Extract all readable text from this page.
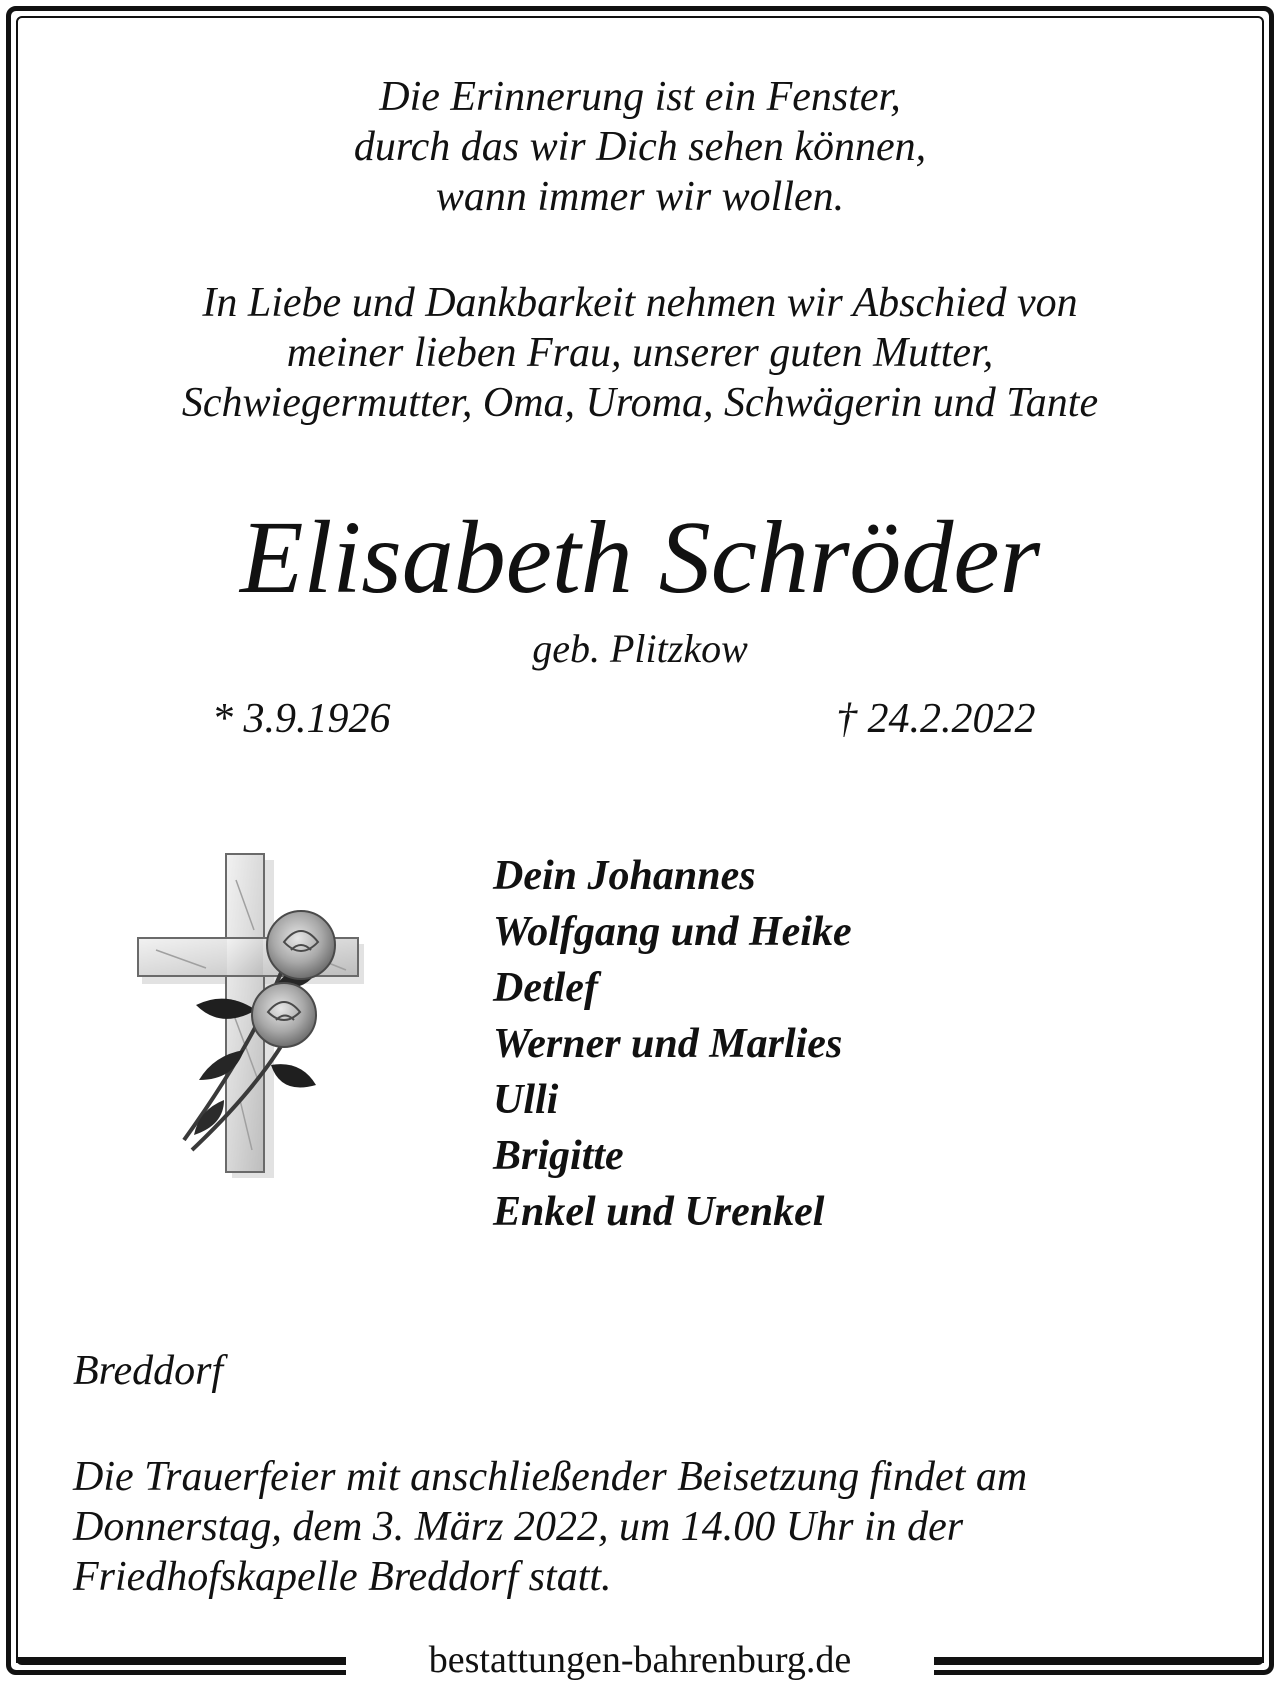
Die Erinnerung ist ein Fenster,
durch das wir Dich sehen können,
wann immer wir wollen.
In Liebe und Dankbarkeit nehmen wir Abschied von
meiner lieben Frau, unserer guten Mutter,
Schwiegermutter, Oma, Uroma, Schwägerin und Tante
Elisabeth Schröder
geb. Plitzkow
* 3.9.1926	† 24.2.2022
Dein Johannes
Wolfgang und Heike
Detlef
Werner und Marlies
Ulli
Brigitte
Enkel und Urenkel
Breddorf
Die Trauerfeier mit anschließender Beisetzung findet am
Donnerstag, dem 3. März 2022, um 14.00 Uhr in der
Friedhofskapelle Breddorf statt.
bestattungen-bahrenburg.de
